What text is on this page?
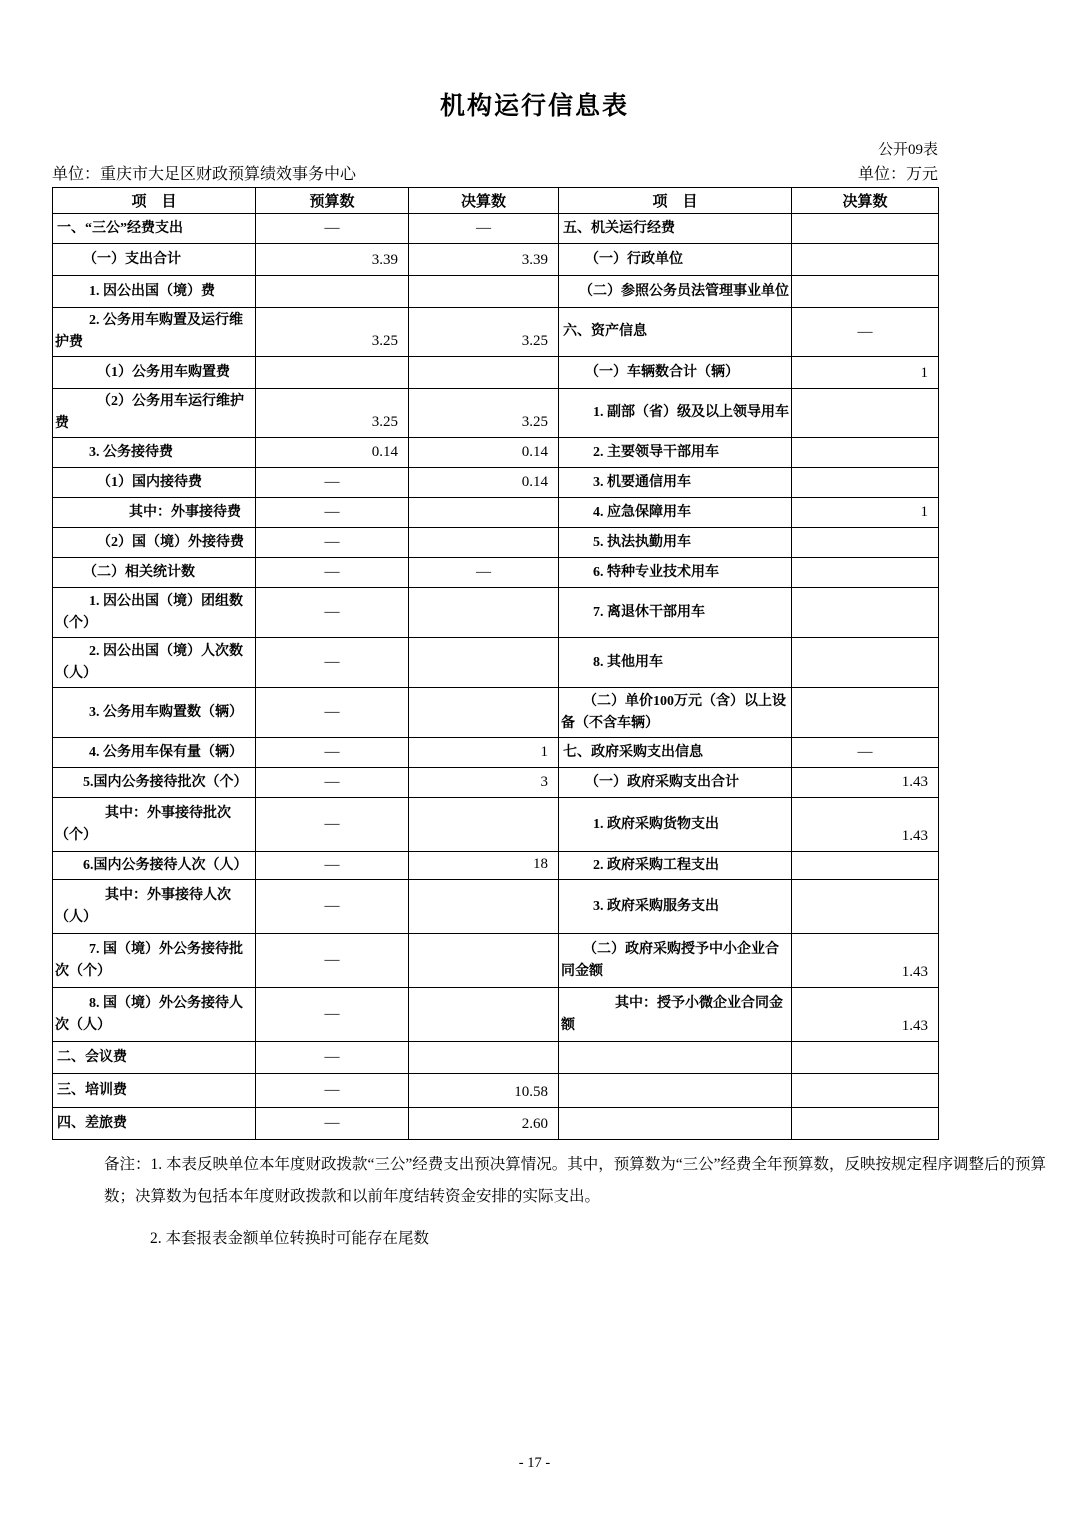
机构运行信息表
公开09表
单位：重庆市大足区财政预算绩效事务中心	单位：万元
项　目	预算数	决算数	项　目	决算数
一、“三公”经费支出	—	—	五、机关运行经费	
（一）支出合计	3.39	3.39	（一）行政单位	
1. 因公出国（境）费			（二）参照公务员法管理事业单位	
2. 公务用车购置及运行维护费	3.25	3.25	六、资产信息	—
（1）公务用车购置费			（一）车辆数合计（辆）	1
（2）公务用车运行维护费	3.25	3.25	1. 副部（省）级及以上领导用车	
3. 公务接待费	0.14	0.14	2. 主要领导干部用车	
（1）国内接待费	—	0.14	3. 机要通信用车	
其中：外事接待费	—		4. 应急保障用车	1
（2）国（境）外接待费	—		5. 执法执勤用车	
（二）相关统计数	—	—	6. 特种专业技术用车	
1. 因公出国（境）团组数（个）	—		7. 离退休干部用车	
2. 因公出国（境）人次数（人）	—		8. 其他用车	
3. 公务用车购置数（辆）	—		（二）单价100万元（含）以上设备（不含车辆）	
4. 公务用车保有量（辆）	—	1	七、政府采购支出信息	—
5.国内公务接待批次（个）	—	3	（一）政府采购支出合计	1.43
其中：外事接待批次（个）	—		1. 政府采购货物支出	1.43
6.国内公务接待人次（人）	—	18	2. 政府采购工程支出	
其中：外事接待人次（人）	—		3. 政府采购服务支出	
7. 国（境）外公务接待批次（个）	—		（二）政府采购授予中小企业合同金额	1.43
8. 国（境）外公务接待人次（人）	—		其中：授予小微企业合同金额	1.43
二、会议费	—			
三、培训费	—	10.58		
四、差旅费	—	2.60		

备注：1. 本表反映单位本年度财政拨款“三公”经费支出预决算情况。其中，预算数为“三公”经费全年预算数，反映按规定程序调整后的预算数；决算数为包括本年度财政拨款和以前年度结转资金安排的实际支出。

2. 本套报表金额单位转换时可能存在尾数

- 17 -
